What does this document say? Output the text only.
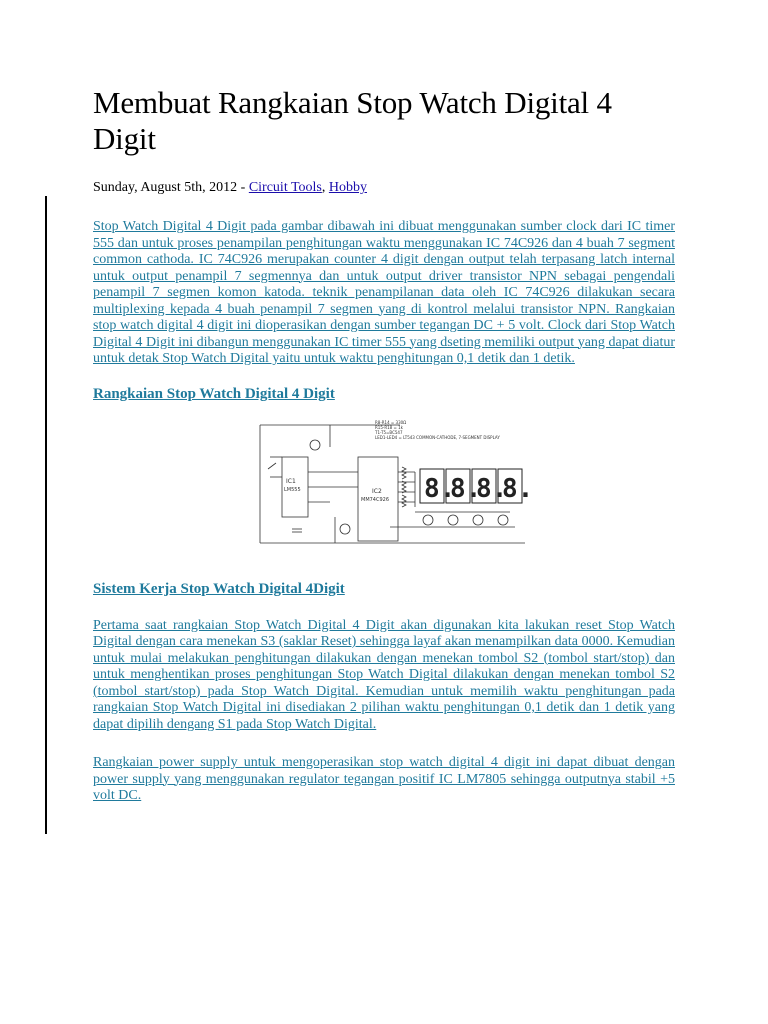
Membuat Rangkaian Stop Watch Digital 4 Digit
Sunday, August 5th, 2012 - Circuit Tools, Hobby
Stop Watch Digital 4 Digit pada gambar dibawah ini dibuat menggunakan sumber clock dari IC timer 555 dan untuk proses penampilan penghitungan waktu menggunakan IC 74C926 dan 4 buah 7 segment common cathoda. IC 74C926 merupakan counter 4 digit dengan output telah terpasang latch internal untuk output penampil 7 segmennya dan untuk output driver transistor NPN sebagai pengendali penampil 7 segmen komon katoda. teknik penampilanan data oleh IC 74C926 dilakukan secara multiplexing kepada 4 buah penampil 7 segmen yang di kontrol melalui transistor NPN. Rangkaian stop watch digital 4 digit ini dioperasikan dengan sumber tegangan DC + 5 volt. Clock dari Stop Watch Digital 4 Digit ini dibangun menggunakan IC timer 555 yang dseting memiliki output yang dapat diatur untuk detak Stop Watch Digital yaitu untuk waktu penghitungan 0,1 detik dan 1 detik.
Rangkaian Stop Watch Digital 4 Digit
8.
8.
8.
8.
IC1
LM555	IC2
MM74C926
R8-R14 = 330Ω
R15-R18 = 1k
T1-T5=BC547
LED1-LED4 = LT543 COMMON-CATHODE, 7-SEGMENT DISPLAY
Sistem Kerja Stop Watch Digital 4Digit
Pertama saat rangkaian Stop Watch Digital 4 Digit akan digunakan kita lakukan reset Stop Watch Digital dengan cara menekan S3 (saklar Reset) sehingga layaf akan menampilkan data 0000. Kemudian untuk mulai melakukan penghitungan dilakukan dengan menekan tombol S2 (tombol start/stop) dan untuk menghentikan proses penghitungan Stop Watch Digital dilakukan dengan menekan tombol S2 (tombol start/stop) pada Stop Watch Digital. Kemudian untuk memilih waktu penghitungan pada rangkaian Stop Watch Digital ini disediakan 2 pilihan waktu penghitungan 0,1 detik dan 1 detik yang dapat dipilih dengang S1 pada Stop Watch Digital.
Rangkaian power supply untuk mengoperasikan stop watch digital 4 digit ini dapat dibuat dengan power supply yang menggunakan regulator tegangan positif IC LM7805 sehingga outputnya stabil +5 volt DC.
